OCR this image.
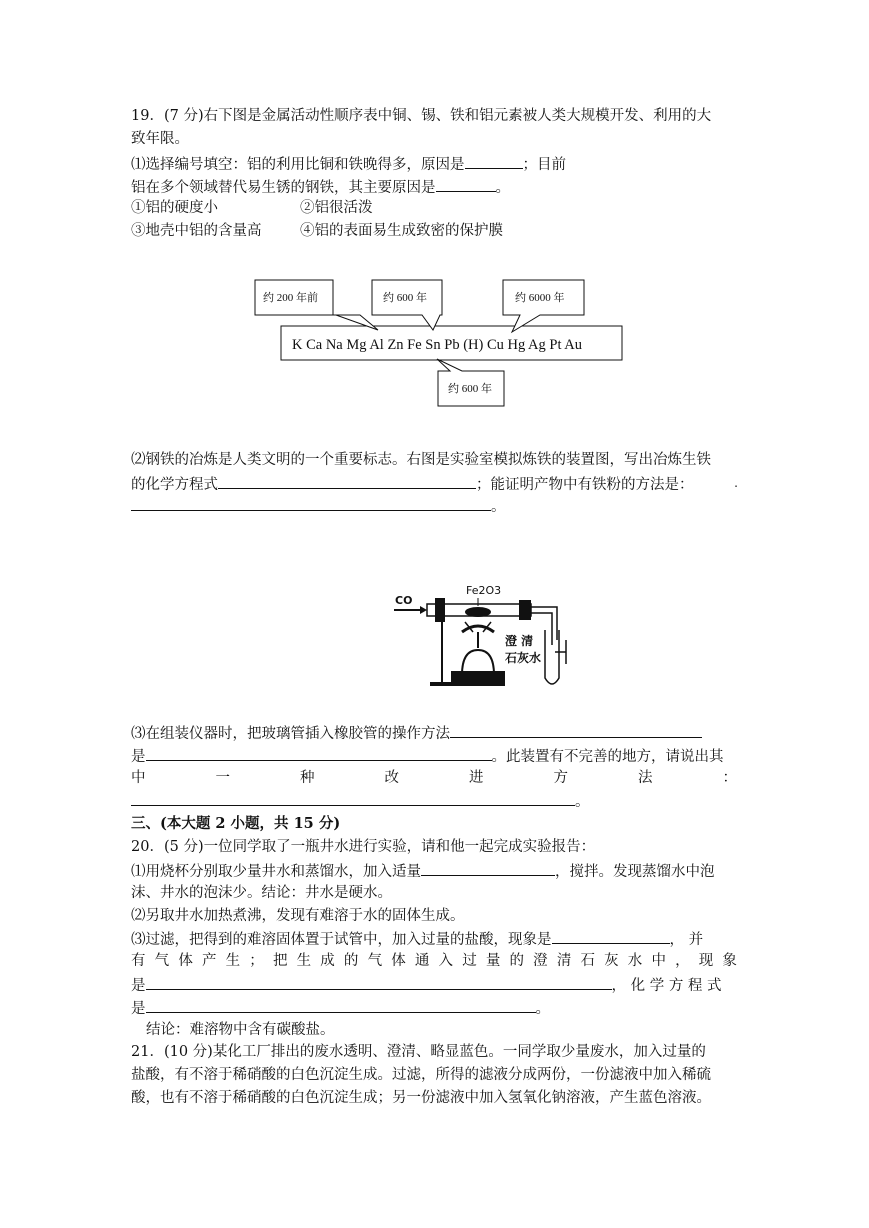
19．(7 分)右下图是金属活动性顺序表中铜、锡、铁和铝元素被人类大规模开发、利用的大
致年限。
⑴选择编号填空：铝的利用比铜和铁晚得多，原因是	；目前
铝在多个领域替代易生锈的钢铁，其主要原因是	。
①铝的硬度小	②铝很活泼
③地壳中铝的含量高	④铝的表面易生成致密的保护膜
K Ca Na Mg Al Zn Fe Sn Pb (H) Cu Hg Ag Pt Au
约 200 年前	约 600 年	约 6000 年
约 600 年
⑵钢铁的冶炼是人类文明的一个重要标志。右图是实验室模拟炼铁的装置图，写出冶炼生铁
的化学方程式	；能证明产物中有铁粉的方法是：	.
。
CO
Fe2O3
澄 清
石灰水
⑶在组装仪器时，把玻璃管插入橡胶管的操作方法
是	。此装置有不完善的地方，请说出其
中	一	种	改	进	方	法	：
。
三、(本大题 2 小题，共 15 分)
20．(5 分)一位同学取了一瓶井水进行实验，请和他一起完成实验报告：
⑴用烧杯分别取少量井水和蒸馏水，加入适量	，搅拌。发现蒸馏水中泡
沫、井水的泡沫少。结论：井水是硬水。
⑵另取井水加热煮沸，发现有难溶于水的固体生成。
⑶过滤，把得到的难溶固体置于试管中，加入过量的盐酸，现象是	， 并
有 气 体 产 生 ； 把 生 成 的 气 体 通 入 过 量 的 澄 清 石 灰 水 中 ， 现 象
是	， 化 学 方 程 式
是	。
结论：难溶物中含有碳酸盐。
21．(10 分)某化工厂排出的废水透明、澄清、略显蓝色。一同学取少量废水，加入过量的
盐酸，有不溶于稀硝酸的白色沉淀生成。过滤，所得的滤液分成两份，一份滤液中加入稀硫
酸，也有不溶于稀硝酸的白色沉淀生成；另一份滤液中加入氢氧化钠溶液，产生蓝色溶液。
